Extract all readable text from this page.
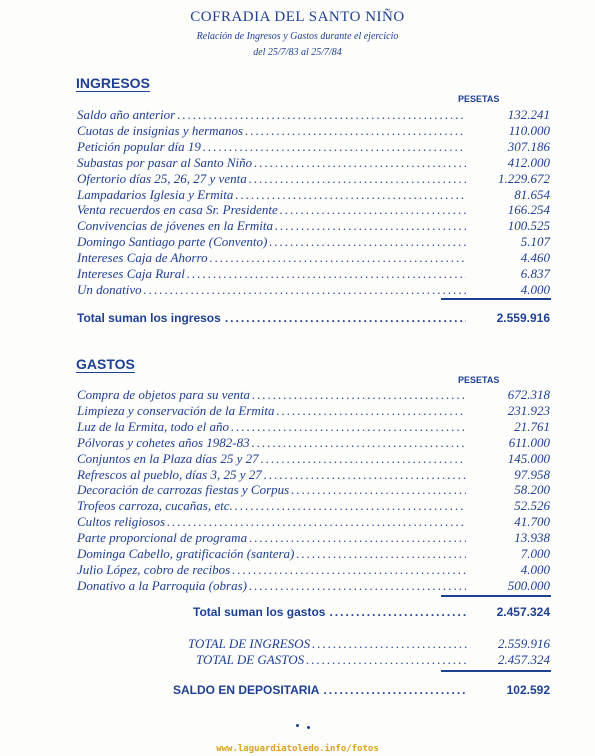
COFRADIA DEL SANTO NIÑO
Relación de Ingresos y Gastos durante el ejercicio
del 25/7/83 al 25/7/84
INGRESOS
PESETAS
Saldo año anterior .....	132.241
Cuotas de insignias y hermanos .....	110.000
Petición popular día 19 .....	307.186
Subastas por pasar al Santo Niño .....	412.000
Ofertorio días 25, 26, 27 y venta .....	1.229.672
Lampadarios Iglesia y Ermita .....	81.654
Venta recuerdos en casa Sr. Presidente .....	166.254
Convivencias de jóvenes en la Ermita .....	100.525
Domingo Santiago parte (Convento) .....	5.107
Intereses Caja de Ahorro .....	4.460
Intereses Caja Rural .....	6.837
Un donativo .....	4.000
Total suman los ingresos .....	2.559.916
GASTOS
PESETAS
Compra de objetos para su venta .....	672.318
Limpieza y conservación de la Ermita .....	231.923
Luz de la Ermita, todo el año .....	21.761
Pólvoras y cohetes años 1982-83 .....	611.000
Conjuntos en la Plaza días 25 y 27 .....	145.000
Refrescos al pueblo, días 3, 25 y 27 .....	97.958
Decoración de carrozas fiestas y Corpus .....	58.200
Trofeos carroza, cucañas, etc. .....	52.526
Cultos religiosos .....	41.700
Parte proporcional de programa .....	13.938
Dominga Cabello, gratificación (santera) .....	7.000
Julio López, cobro de recibos .....	4.000
Donativo a la Parroquia (obras) .....	500.000
Total suman los gastos .....	2.457.324
TOTAL DE INGRESOS .....	2.559.916
TOTAL DE GASTOS .....	2.457.324
SALDO EN DEPOSITARIA .....	102.592
www.laguardiatoledo.info/fotos
